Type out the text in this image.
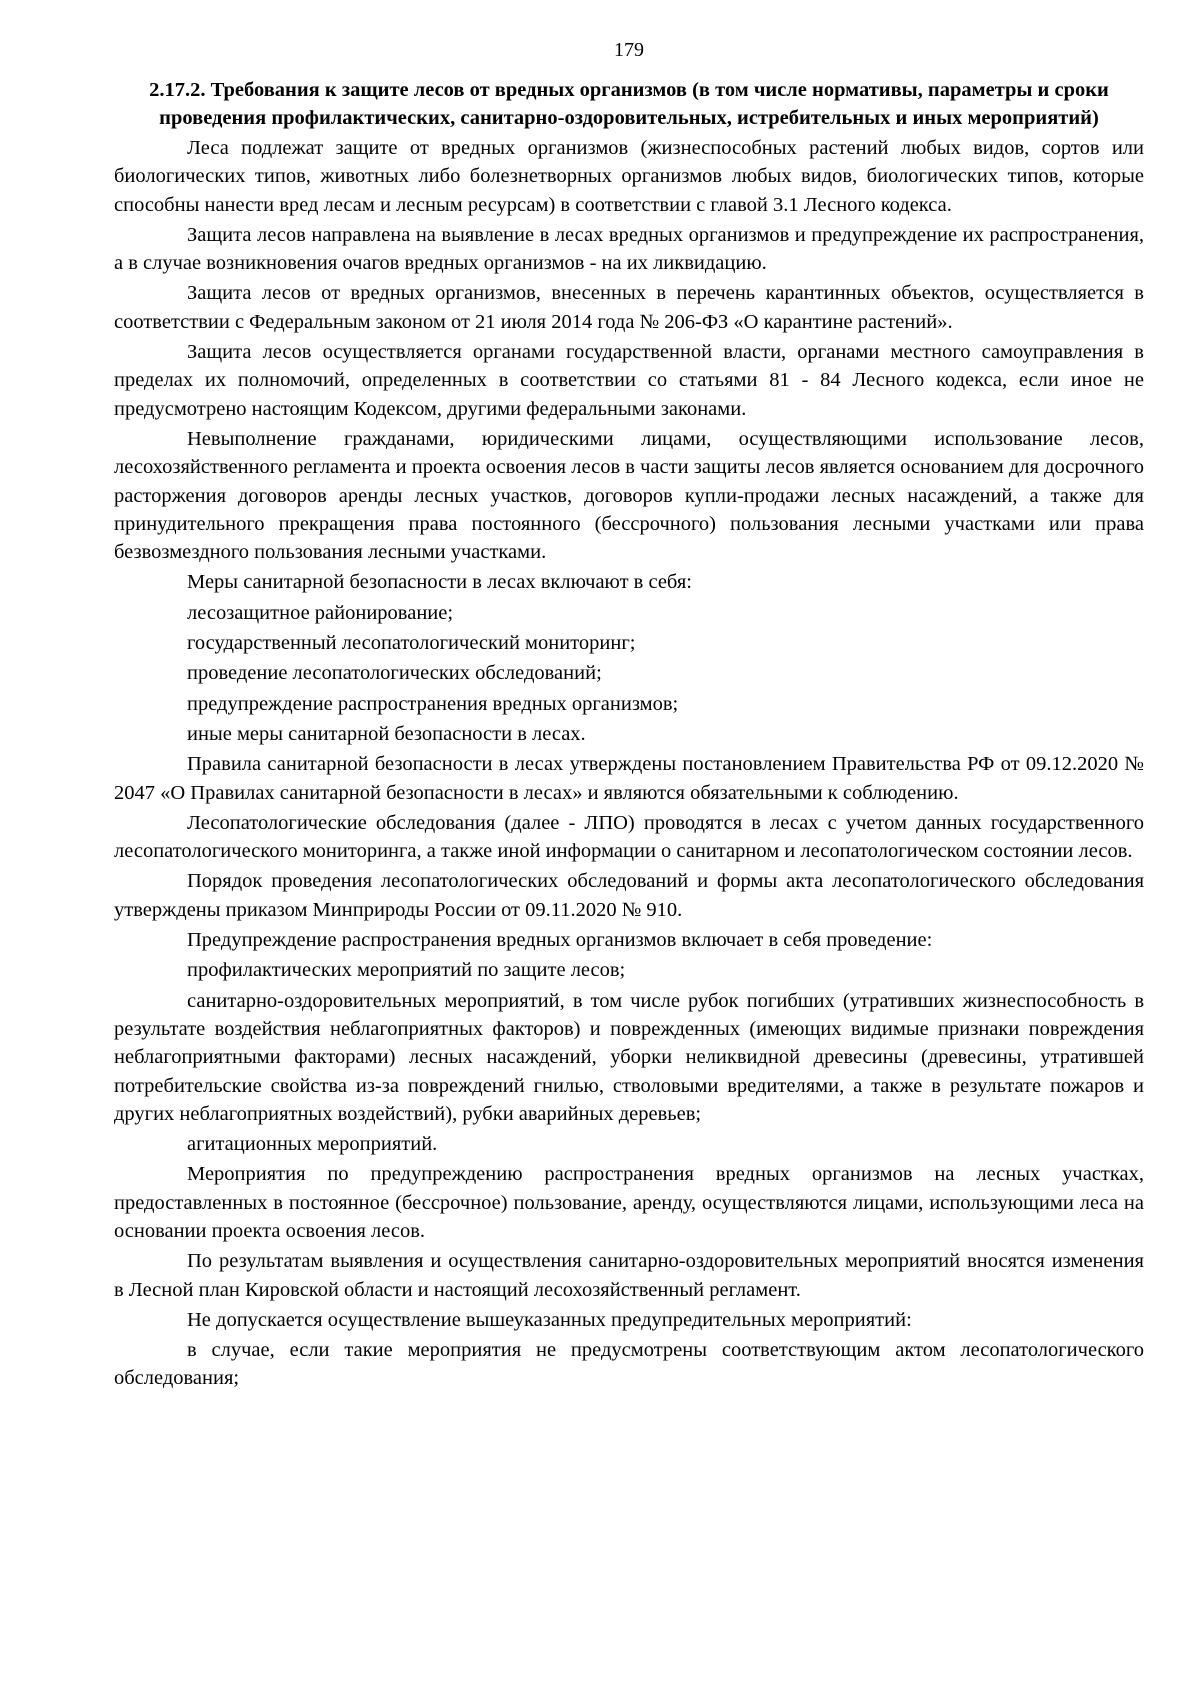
179
2.17.2. Требования к защите лесов от вредных организмов (в том числе нормативы, параметры и сроки проведения профилактических, санитарно-оздоровительных, истребительных и иных мероприятий)

Леса подлежат защите от вредных организмов (жизнеспособных растений любых видов, сортов или биологических типов, животных либо болезнетворных организмов любых видов, биологических типов, которые способны нанести вред лесам и лесным ресурсам) в соответствии с главой 3.1 Лесного кодекса.

Защита лесов направлена на выявление в лесах вредных организмов и предупреждение их распространения, а в случае возникновения очагов вредных организмов - на их ликвидацию.

Защита лесов от вредных организмов, внесенных в перечень карантинных объектов, осуществляется в соответствии с Федеральным законом от 21 июля 2014 года № 206-ФЗ «О карантине растений».

Защита лесов осуществляется органами государственной власти, органами местного самоуправления в пределах их полномочий, определенных в соответствии со статьями 81 - 84 Лесного кодекса, если иное не предусмотрено настоящим Кодексом, другими федеральными законами.

Невыполнение гражданами, юридическими лицами, осуществляющими использование лесов, лесохозяйственного регламента и проекта освоения лесов в части защиты лесов является основанием для досрочного расторжения договоров аренды лесных участков, договоров купли-продажи лесных насаждений, а также для принудительного прекращения права постоянного (бессрочного) пользования лесными участками или права безвозмездного пользования лесными участками.

Меры санитарной безопасности в лесах включают в себя:

лесозащитное районирование;

государственный лесопатологический мониторинг;

проведение лесопатологических обследований;

предупреждение распространения вредных организмов;

иные меры санитарной безопасности в лесах.

Правила санитарной безопасности в лесах утверждены постановлением Правительства РФ от 09.12.2020 № 2047 «О Правилах санитарной безопасности в лесах» и являются обязательными к соблюдению.

Лесопатологические обследования (далее - ЛПО) проводятся в лесах с учетом данных государственного лесопатологического мониторинга, а также иной информации о санитарном и лесопатологическом состоянии лесов.

Порядок проведения лесопатологических обследований и формы акта лесопатологического обследования утверждены приказом Минприроды России от 09.11.2020 № 910.

Предупреждение распространения вредных организмов включает в себя проведение:

профилактических мероприятий по защите лесов;

санитарно-оздоровительных мероприятий, в том числе рубок погибших (утративших жизнеспособность в результате воздействия неблагоприятных факторов) и поврежденных (имеющих видимые признаки повреждения неблагоприятными факторами) лесных насаждений, уборки неликвидной древесины (древесины, утратившей потребительские свойства из-за повреждений гнилью, стволовыми вредителями, а также в результате пожаров и других неблагоприятных воздействий), рубки аварийных деревьев;

агитационных мероприятий.

Мероприятия по предупреждению распространения вредных организмов на лесных участках, предоставленных в постоянное (бессрочное) пользование, аренду, осуществляются лицами, использующими леса на основании проекта освоения лесов.

По результатам выявления и осуществления санитарно-оздоровительных мероприятий вносятся изменения в Лесной план Кировской области и настоящий лесохозяйственный регламент.

Не допускается осуществление вышеуказанных предупредительных мероприятий:

в случае, если такие мероприятия не предусмотрены соответствующим актом лесопатологического обследования;
